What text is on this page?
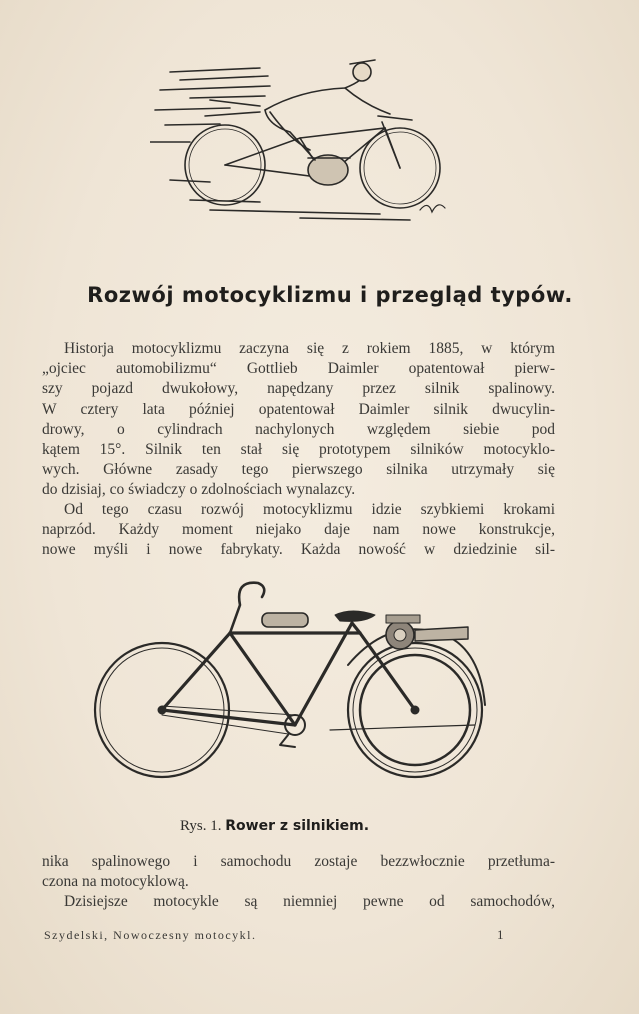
Rozwój motocyklizmu i przegląd typów.
Historja motocyklizmu zaczyna się z rokiem 1885, w którym
„ojciec automobilizmu“ Gottlieb Daimler opatentował pierw-
szy pojazd dwukołowy, napędzany przez silnik spalinowy.
W cztery lata później opatentował Daimler silnik dwucylin-
drowy, o cylindrach nachylonych względem siebie pod
kątem 15°. Silnik ten stał się prototypem silników motocyklo-
wych. Główne zasady tego pierwszego silnika utrzymały się
do dzisiaj, co świadczy o zdolnościach wynalazcy.
Od tego czasu rozwój motocyklizmu idzie szybkiemi krokami
naprzód. Każdy moment niejako daje nam nowe konstrukcje,
nowe myśli i nowe fabrykaty. Każda nowość w dziedzinie sil-
Rys. 1. Rower z silnikiem.
nika spalinowego i samochodu zostaje bezzwłocznie przetłuma-
czona na motocyklową.
Dzisiejsze motocykle są niemniej pewne od samochodów,
Szydelski, Nowoczesny motocykl.	1
